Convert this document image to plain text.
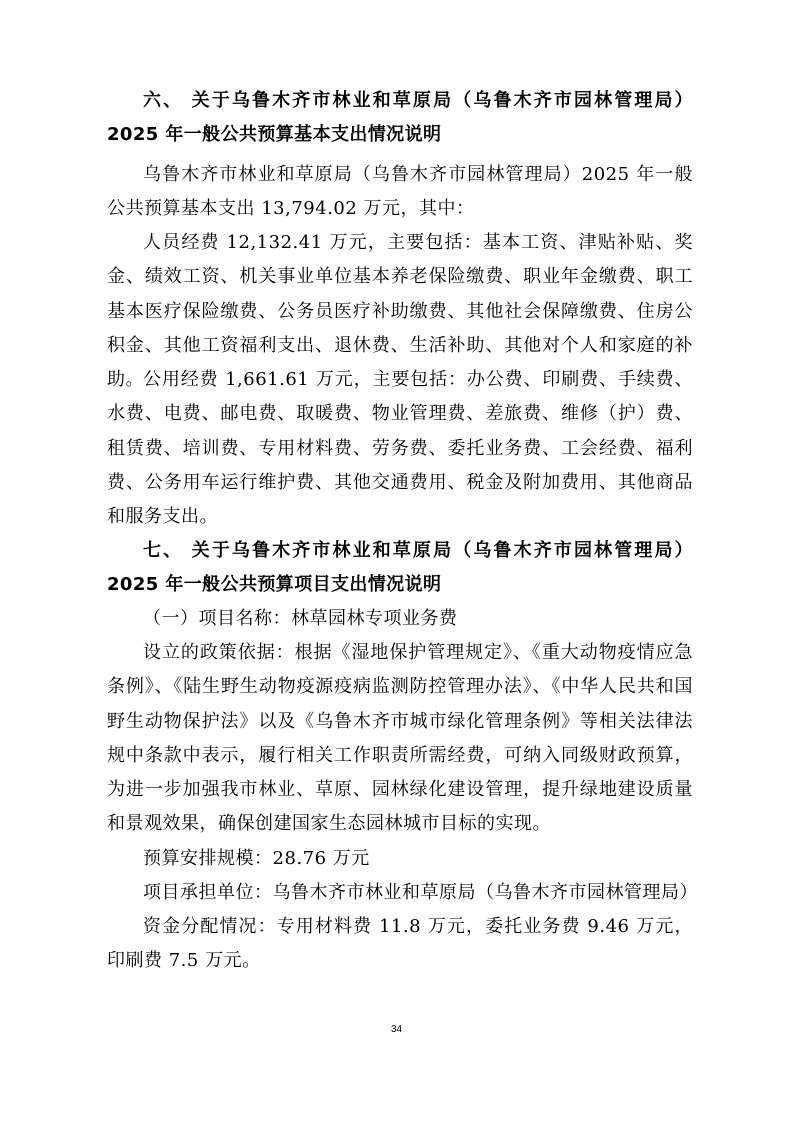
六、 关于乌鲁木齐市林业和草原局（乌鲁木齐市园林管理局）2025 年一般公共预算基本支出情况说明

乌鲁木齐市林业和草原局（乌鲁木齐市园林管理局）2025 年一般公共预算基本支出 13,794.02 万元，其中：

人员经费 12,132.41 万元，主要包括：基本工资、津贴补贴、奖金、绩效工资、机关事业单位基本养老保险缴费、职业年金缴费、职工基本医疗保险缴费、公务员医疗补助缴费、其他社会保障缴费、住房公积金、其他工资福利支出、退休费、生活补助、其他对个人和家庭的补助。 公用经费 1,661.61 万元，主要包括：办公费、印刷费、手续费、水费、电费、邮电费、取暖费、物业管理费、差旅费、维修（护）费、租赁费、培训费、专用材料费、劳务费、委托业务费、工会经费、福利费、公务用车运行维护费、其他交通费用、税金及附加费用、其他商品和服务支出。

七、 关于乌鲁木齐市林业和草原局（乌鲁木齐市园林管理局）2025 年一般公共预算项目支出情况说明

（一）项目名称：林草园林专项业务费

设立的政策依据：根据《湿地保护管理规定》、《重大动物疫情应急条例》、《陆生野生动物疫源疫病监测防控管理办法》、《中华人民共和国野生动物保护法》以及《乌鲁木齐市城市绿化管理条例》等相关法律法规中条款中表示，履行相关工作职责所需经费，可纳入同级财政预算，为进一步加强我市林业、草原、园林绿化建设管理，提升绿地建设质量和景观效果，确保创建国家生态园林城市目标的实现。

预算安排规模：28.76 万元

项目承担单位：乌鲁木齐市林业和草原局（乌鲁木齐市园林管理局）

资金分配情况：专用材料费 11.8 万元，委托业务费 9.46 万元，印刷费 7.5 万元。

34
